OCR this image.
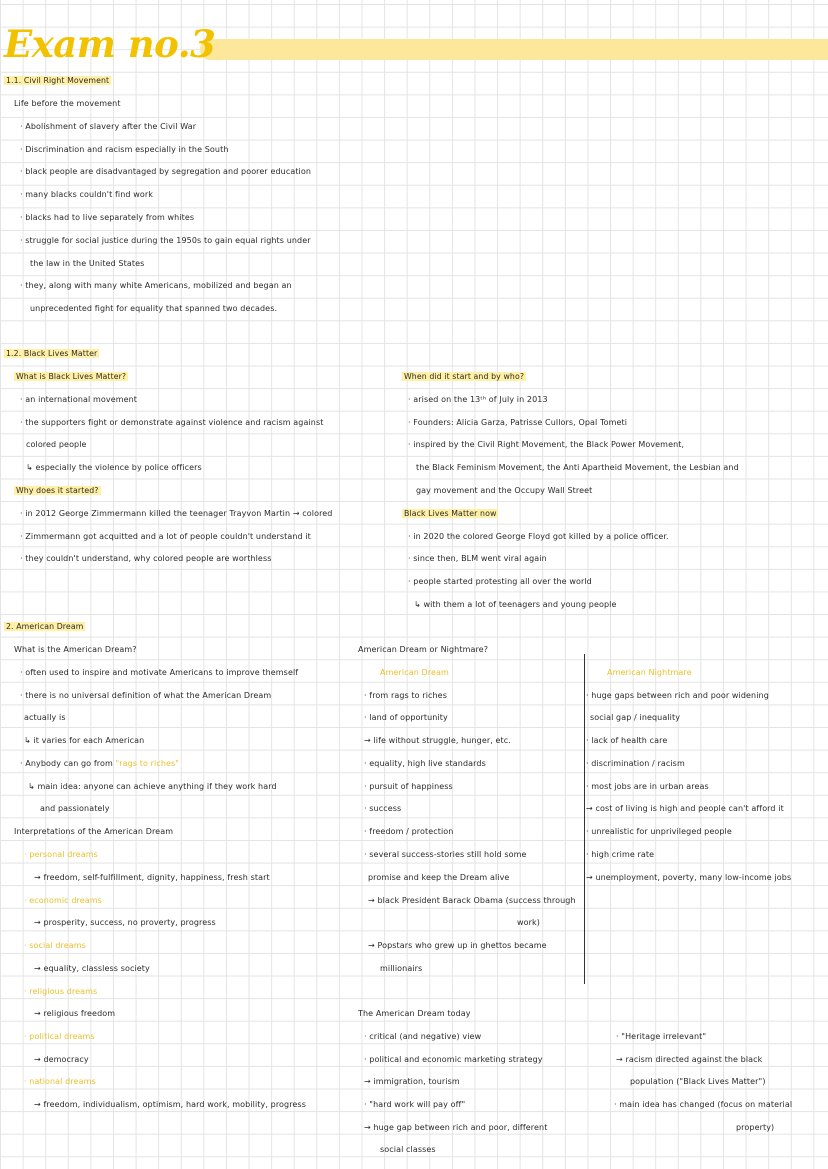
Exam no.3
1.1. Civil Right Movement
Life before the movement
· Abolishment of slavery after the Civil War
· Discrimination and racism especially in the South
· black people are disadvantaged by segregation and poorer education
· many blacks couldn't find work
· blacks had to live separately from whites
· struggle for social justice during the 1950s to gain equal rights under
the law in the United States
· they, along with many white Americans, mobilized and began an
unprecedented fight for equality that spanned two decades.
1.2. Black Lives Matter
What is Black Lives Matter?
· an international movement
· the supporters fight or demonstrate against violence and racism against
colored people
↳ especially the violence by police officers
Why does it started?
· in 2012 George Zimmermann killed the teenager Trayvon Martin → colored
· Zimmermann got acquitted and a lot of people couldn't understand it
· they couldn't understand, why colored people are worthless
When did it start and by who?
· arised on the 13ᵗʰ of July in 2013
· Founders: Alicia Garza, Patrisse Cullors, Opal Tometi
· inspired by the Civil Right Movement, the Black Power Movement,
the Black Feminism Movement, the Anti Apartheid Movement, the Lesbian and
gay movement and the Occupy Wall Street
Black Lives Matter now
· in 2020 the colored George Floyd got killed by a police officer.
· since then, BLM went viral again
· people started protesting all over the world
↳ with them a lot of teenagers and young people
2. American Dream
What is the American Dream?
· often used to inspire and motivate Americans to improve themself
· there is no universal definition of what the American Dream
actually is
↳ it varies for each American
· Anybody can go from "rags to riches"
↳ main idea: anyone can achieve anything if they work hard
and passionately
Interpretations of the American Dream
· personal dreams
→ freedom, self-fulfillment, dignity, happiness, fresh start
· economic dreams
→ prosperity, success, no proverty, progress
· social dreams
→ equality, classless society
· religious dreams
→ religious freedom
· political dreams
→ democracy
· national dreams
→ freedom, individualism, optimism, hard work, mobility, progress
American Dream or Nightmare?
American Dream	American Nightmare
· from rags to riches
· land of opportunity
→ life without struggle, hunger, etc.
· equality, high live standards
· pursuit of happiness
· success
· freedom / protection
· several success-stories still hold some
promise and keep the Dream alive
→ black President Barack Obama (success through
work)
→ Popstars who grew up in ghettos became
millionairs
· huge gaps between rich and poor widening
social gap / inequality
· lack of health care
· discrimination / racism
· most jobs are in urban areas
→ cost of living is high and people can't afford it
· unrealistic for unprivileged people
· high crime rate
→ unemployment, poverty, many low-income jobs
The American Dream today
· critical (and negative) view
· political and economic marketing strategy
→ immigration, tourism
· "hard work will pay off"
→ huge gap between rich and poor, different
social classes
· "Heritage irrelevant"
→ racism directed against the black
population ("Black Lives Matter")
· main idea has changed (focus on material
property)
